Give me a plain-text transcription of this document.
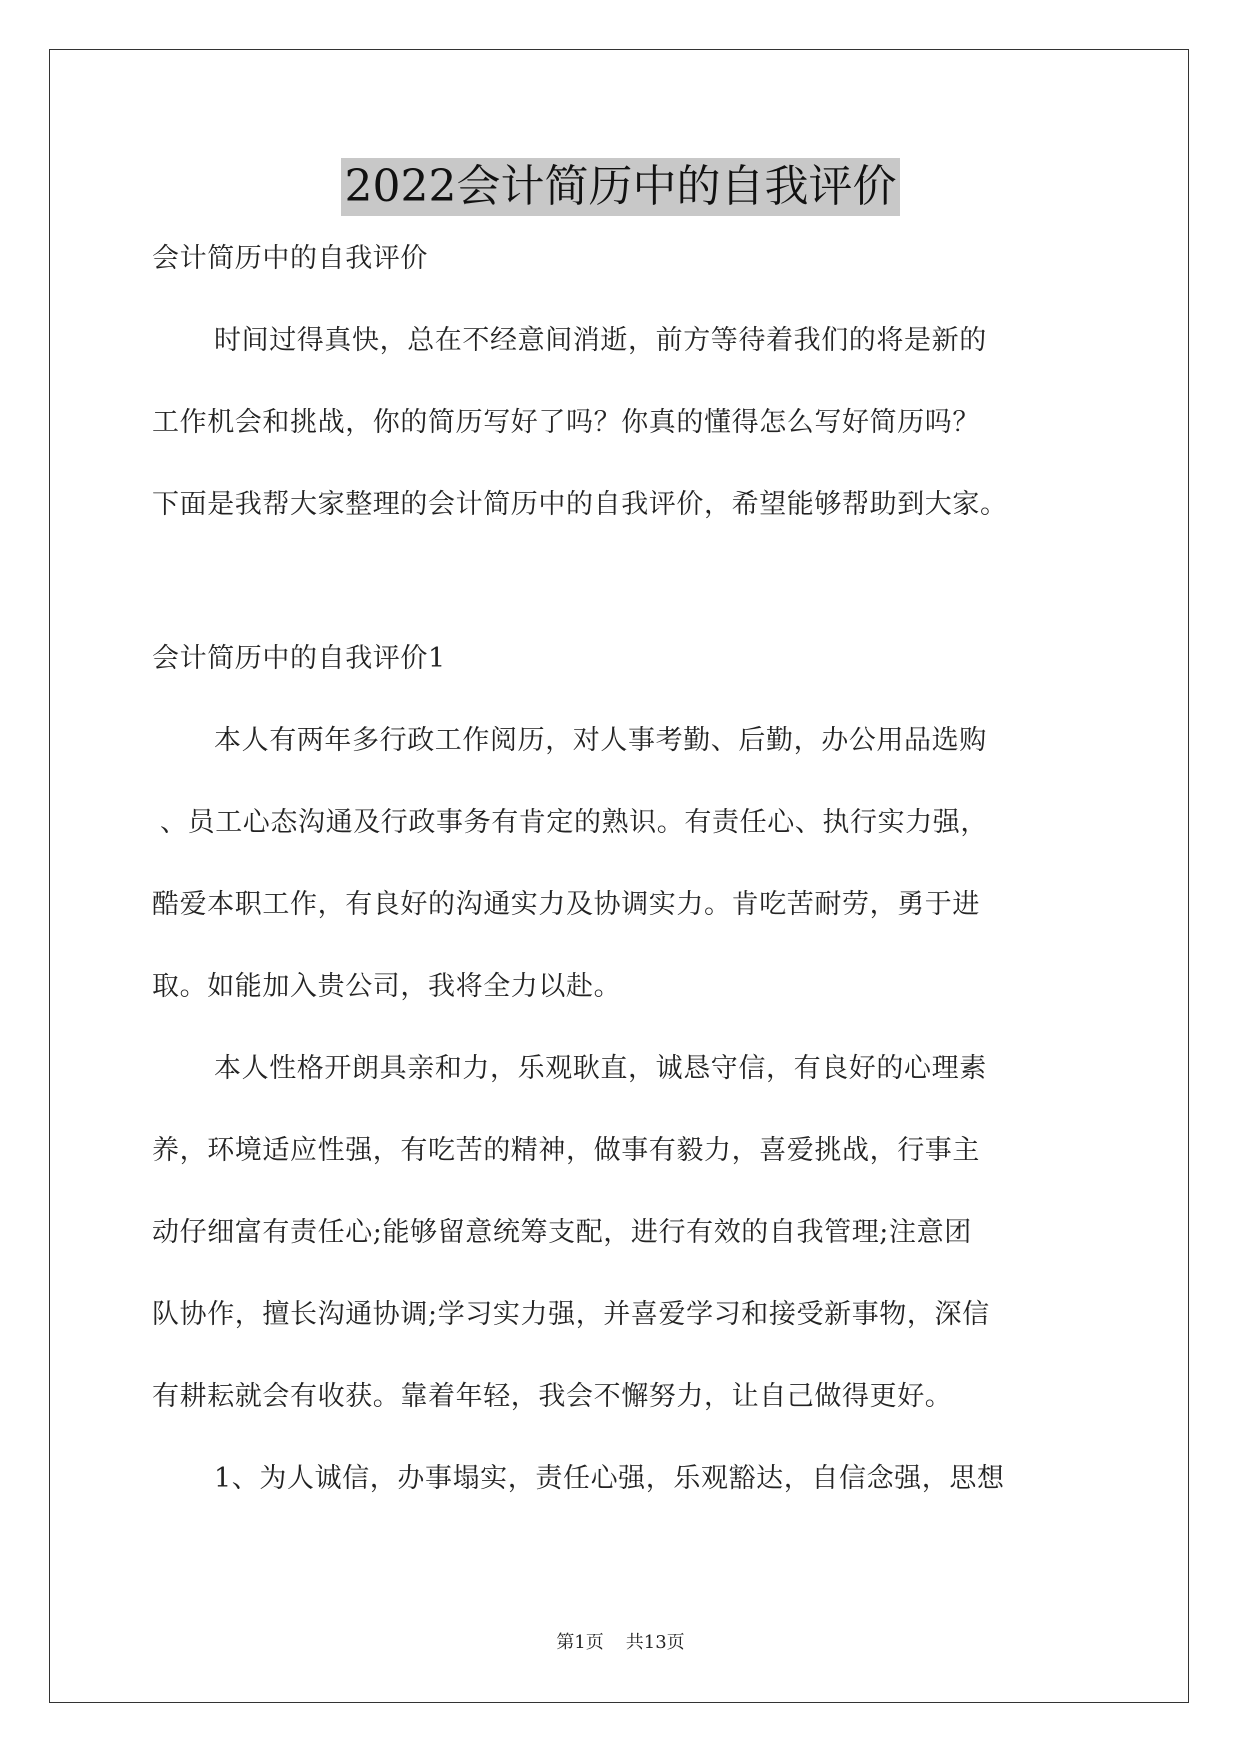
2022会计简历中的自我评价
会计简历中的自我评价
时间过得真快，总在不经意间消逝，前方等待着我们的将是新的
工作机会和挑战，你的简历写好了吗？你真的懂得怎么写好简历吗？
下面是我帮大家整理的会计简历中的自我评价，希望能够帮助到大家。
会计简历中的自我评价1
本人有两年多行政工作阅历，对人事考勤、后勤，办公用品选购
、员工心态沟通及行政事务有肯定的熟识。有责任心、执行实力强，
酷爱本职工作，有良好的沟通实力及协调实力。肯吃苦耐劳，勇于进
取。如能加入贵公司，我将全力以赴。
本人性格开朗具亲和力，乐观耿直，诚恳守信，有良好的心理素
养，环境适应性强，有吃苦的精神，做事有毅力，喜爱挑战，行事主
动仔细富有责任心;能够留意统筹支配，进行有效的自我管理;注意团
队协作，擅长沟通协调;学习实力强，并喜爱学习和接受新事物，深信
有耕耘就会有收获。靠着年轻，我会不懈努力，让自己做得更好。
1、为人诚信，办事塌实，责任心强，乐观豁达，自信念强，思想
第1页 共13页
